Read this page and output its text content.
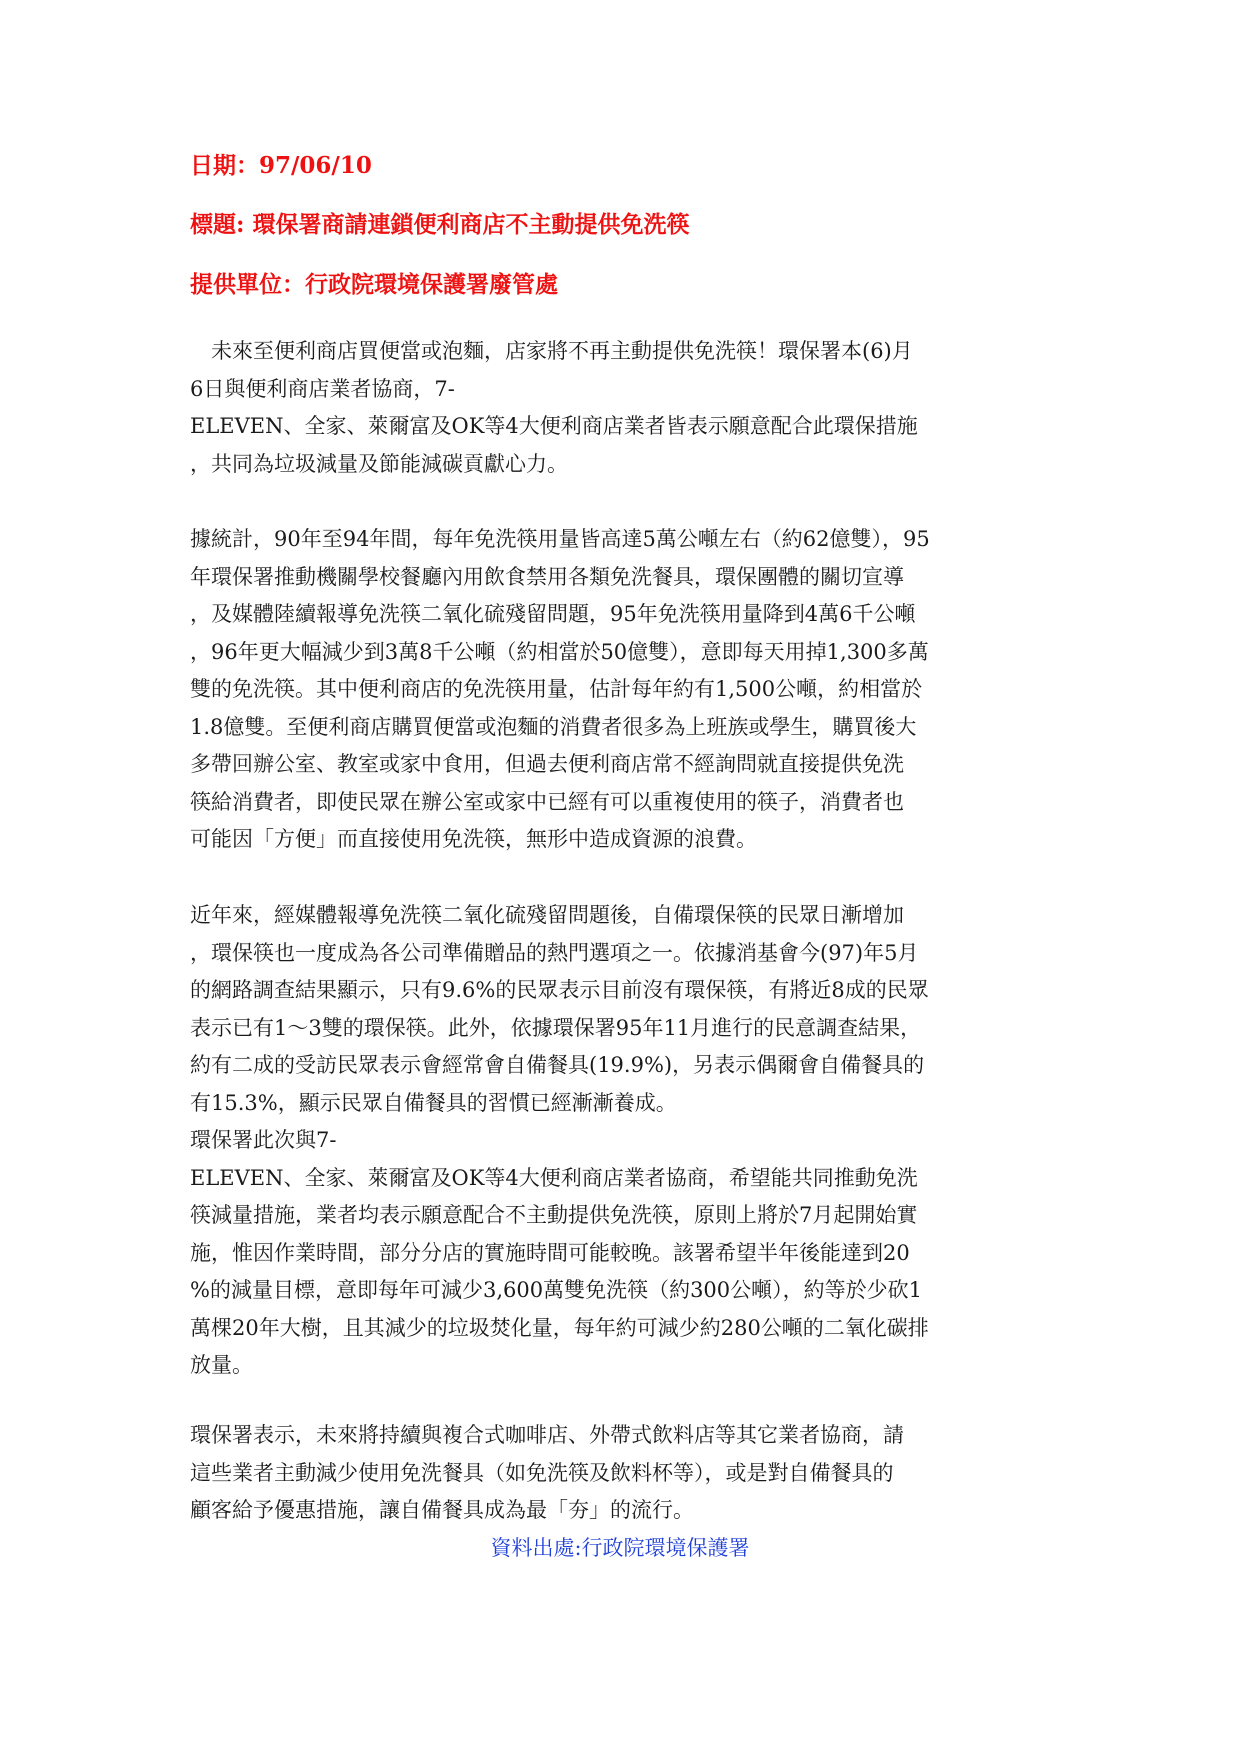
日期：97/06/10
標題: 環保署商請連鎖便利商店不主動提供免洗筷
提供單位：行政院環境保護署廢管處
　未來至便利商店買便當或泡麵，店家將不再主動提供免洗筷！環保署本(6)月
6日與便利商店業者協商，7-
ELEVEN、全家、萊爾富及OK等4大便利商店業者皆表示願意配合此環保措施
，共同為垃圾減量及節能減碳貢獻心力。
據統計，90年至94年間，每年免洗筷用量皆高達5萬公噸左右（約62億雙），95
年環保署推動機關學校餐廳內用飲食禁用各類免洗餐具，環保團體的關切宣導
，及媒體陸續報導免洗筷二氧化硫殘留問題，95年免洗筷用量降到4萬6千公噸
，96年更大幅減少到3萬8千公噸（約相當於50億雙），意即每天用掉1,300多萬
雙的免洗筷。其中便利商店的免洗筷用量，估計每年約有1,500公噸，約相當於
1.8億雙。至便利商店購買便當或泡麵的消費者很多為上班族或學生，購買後大
多帶回辦公室、教室或家中食用，但過去便利商店常不經詢問就直接提供免洗
筷給消費者，即使民眾在辦公室或家中已經有可以重複使用的筷子，消費者也
可能因「方便」而直接使用免洗筷，無形中造成資源的浪費。
近年來，經媒體報導免洗筷二氧化硫殘留問題後，自備環保筷的民眾日漸增加
，環保筷也一度成為各公司準備贈品的熱門選項之一。依據消基會今(97)年5月
的網路調查結果顯示，只有9.6%的民眾表示目前沒有環保筷，有將近8成的民眾
表示已有1～3雙的環保筷。此外，依據環保署95年11月進行的民意調查結果，
約有二成的受訪民眾表示會經常會自備餐具(19.9%)，另表示偶爾會自備餐具的
有15.3%，顯示民眾自備餐具的習慣已經漸漸養成。
環保署此次與7-
ELEVEN、全家、萊爾富及OK等4大便利商店業者協商，希望能共同推動免洗
筷減量措施，業者均表示願意配合不主動提供免洗筷，原則上將於7月起開始實
施，惟因作業時間，部分分店的實施時間可能較晚。該署希望半年後能達到20
%的減量目標，意即每年可減少3,600萬雙免洗筷（約300公噸），約等於少砍1
萬棵20年大樹，且其減少的垃圾焚化量，每年約可減少約280公噸的二氧化碳排
放量。
環保署表示，未來將持續與複合式咖啡店、外帶式飲料店等其它業者協商，請
這些業者主動減少使用免洗餐具（如免洗筷及飲料杯等），或是對自備餐具的
顧客給予優惠措施，讓自備餐具成為最「夯」的流行。
資料出處:行政院環境保護署
